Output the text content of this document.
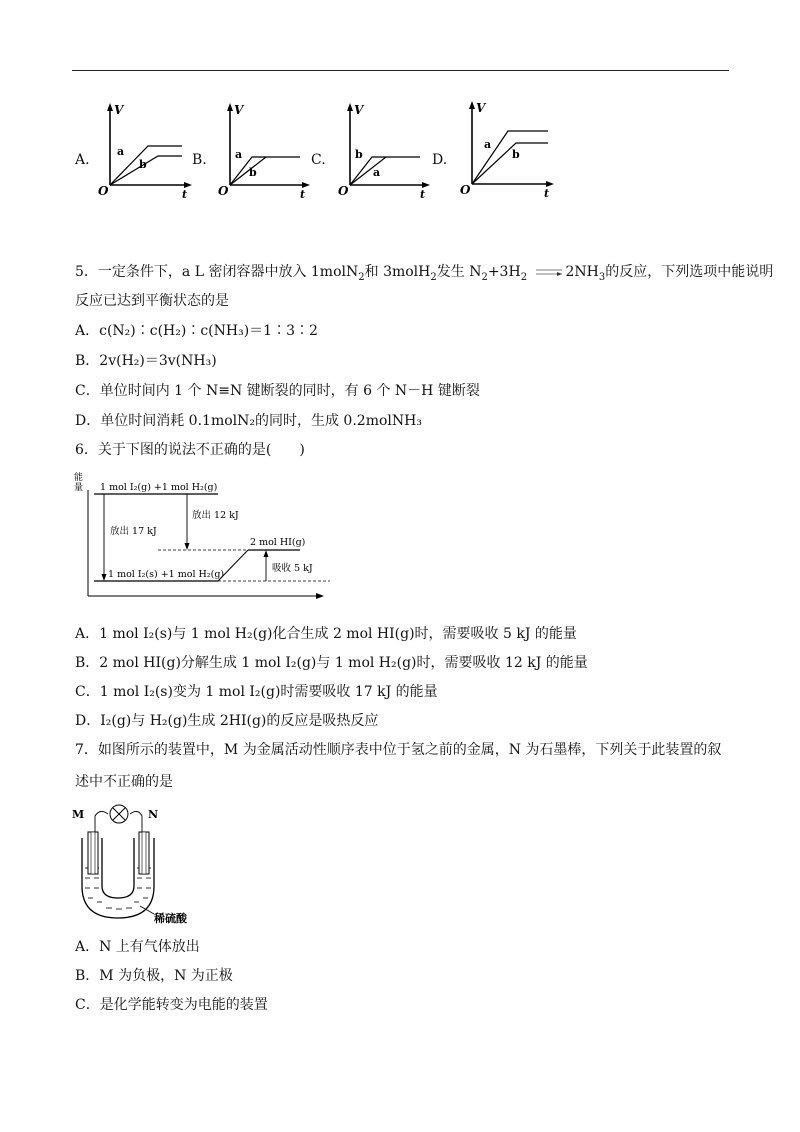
A.	B.	C.	D.
V
O	t
a
b
V
O	t
a
b
V
O	t
b
a
V
O	t
a
b
5．一定条件下，a L 密闭容器中放入 1molN$_2$和 3molH$_2$发生 $N_2+3H_2$	$2NH_3$的反应，下列选项中能说明
反应已达到平衡状态的是
A．c(N₂)∶c(H₂)∶c(NH₃)＝1∶3∶2
B．2v(H₂)＝3v(NH₃)
C．单位时间内 1 个 N≡N 键断裂的同时，有 6 个 N－H 键断裂
D．单位时间消耗 0.1molN₂的同时，生成 0.2molNH₃
6．关于下图的说法不正确的是(　　)
能
量 1 mol I₂(g) +1 mol H₂(g)
1 mol I₂(s) +1 mol H₂(g)
2 mol HI(g)
放出 17 kJ
放出 12 kJ
吸收 5 kJ
A．1 mol I₂(s)与 1 mol H₂(g)化合生成 2 mol HI(g)时，需要吸收 5 kJ 的能量
B．2 mol HI(g)分解生成 1 mol I₂(g)与 1 mol H₂(g)时，需要吸收 12 kJ 的能量
C．1 mol I₂(s)变为 1 mol I₂(g)时需要吸收 17 kJ 的能量
D．I₂(g)与 H₂(g)生成 2HI(g)的反应是吸热反应
7．如图所示的装置中，M 为金属活动性顺序表中位于氢之前的金属，N 为石墨棒，下列关于此装置的叙
述中不正确的是
M	N
稀硫酸
A．N 上有气体放出
B．M 为负极，N 为正极
C．是化学能转变为电能的装置
